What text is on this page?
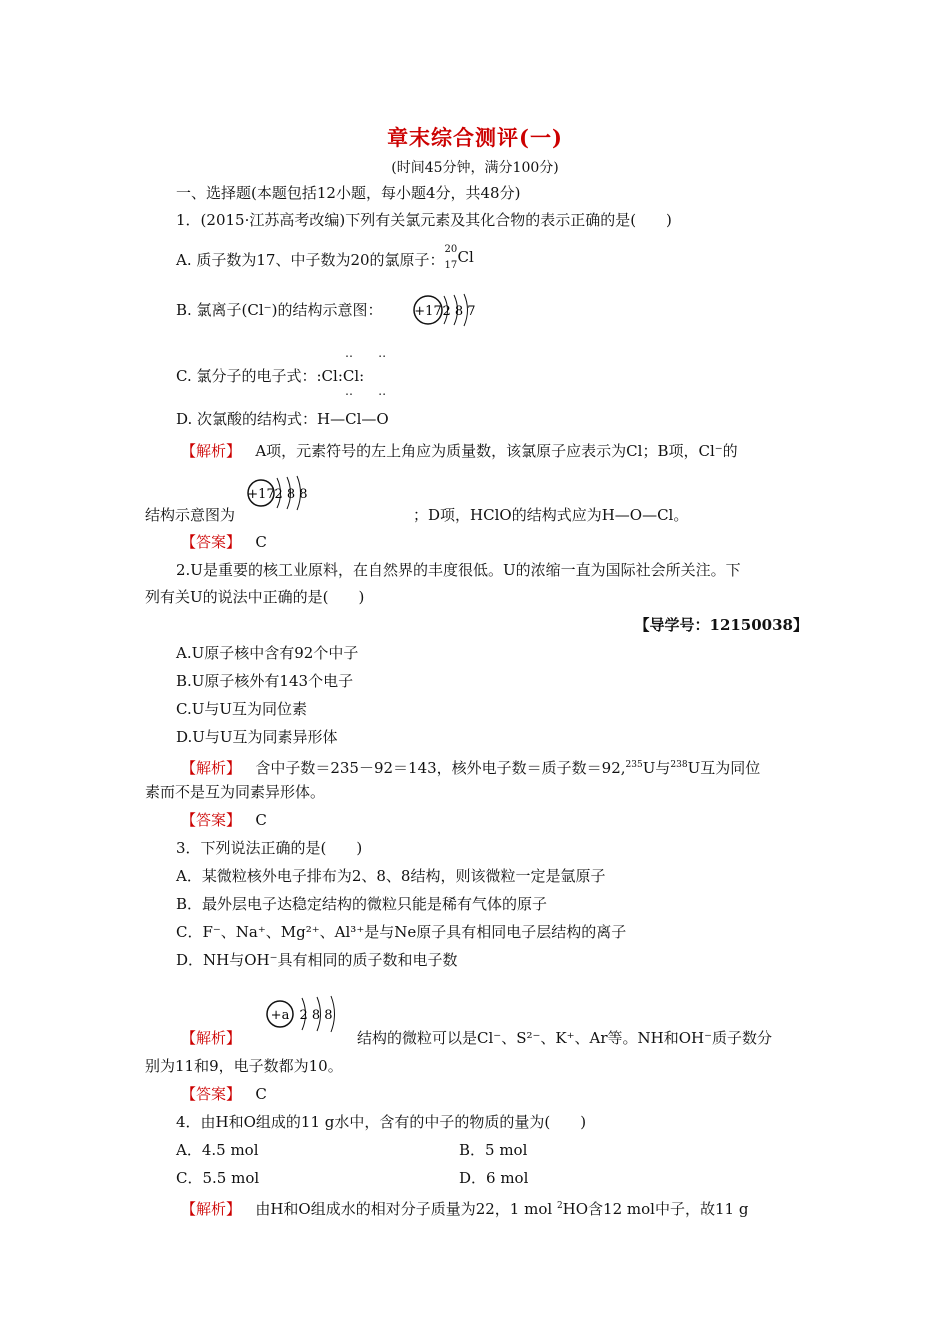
章末综合测评(一)
(时间45分钟，满分100分)
一、选择题(本题包括12小题，每小题4分，共48分)
1．(2015·江苏高考改编)下列有关氯元素及其化合物的表示正确的是(　　)
A. 质子数为17、中子数为20的氯原子：
20
17 Cl
B. 氯离子(Cl⁻)的结构示意图： +17 2 8 7
C. 氯分子的电子式：:Cl:Cl:
‥     ‥
‥     ‥
D. 次氯酸的结构式：H—Cl—O
【解析】 A项，元素符号的左上角应为质量数，该氯原子应表示为Cl；B项，Cl⁻的
+17 2 8 8
结构示意图为	；D项，HClO的结构式应为H—O—Cl。
【答案】 C
2.U是重要的核工业原料，在自然界的丰度很低。U的浓缩一直为国际社会所关注。下
列有关U的说法中正确的是(　　)
【导学号：12150038】
A.U原子核中含有92个中子
B.U原子核外有143个电子
C.U与U互为同位素
D.U与U互为同素异形体
【解析】 含中子数＝235－92＝143，核外电子数＝质子数＝92,$^{235}$U与$^{238}$U互为同位
素而不是互为同素异形体。
【答案】 C
3．下列说法正确的是(　　)
A．某微粒核外电子排布为2、8、8结构，则该微粒一定是氩原子
B．最外层电子达稳定结构的微粒只能是稀有气体的原子
C．F⁻、Na⁺、Mg²⁺、Al³⁺是与Ne原子具有相同电子层结构的离子
D．NH与OH⁻具有相同的质子数和电子数
+a 2 8 8
【解析】	结构的微粒可以是Cl⁻、S²⁻、K⁺、Ar等。NH和OH⁻质子数分
别为11和9，电子数都为10。
【答案】 C
4．由H和O组成的11 g水中，含有的中子的物质的量为(　　)
A．4.5 mol	B．5 mol
C．5.5 mol	D．6 mol
【解析】 由H和O组成水的相对分子质量为22，1 mol $^2$HO含12 mol中子，故11 g
